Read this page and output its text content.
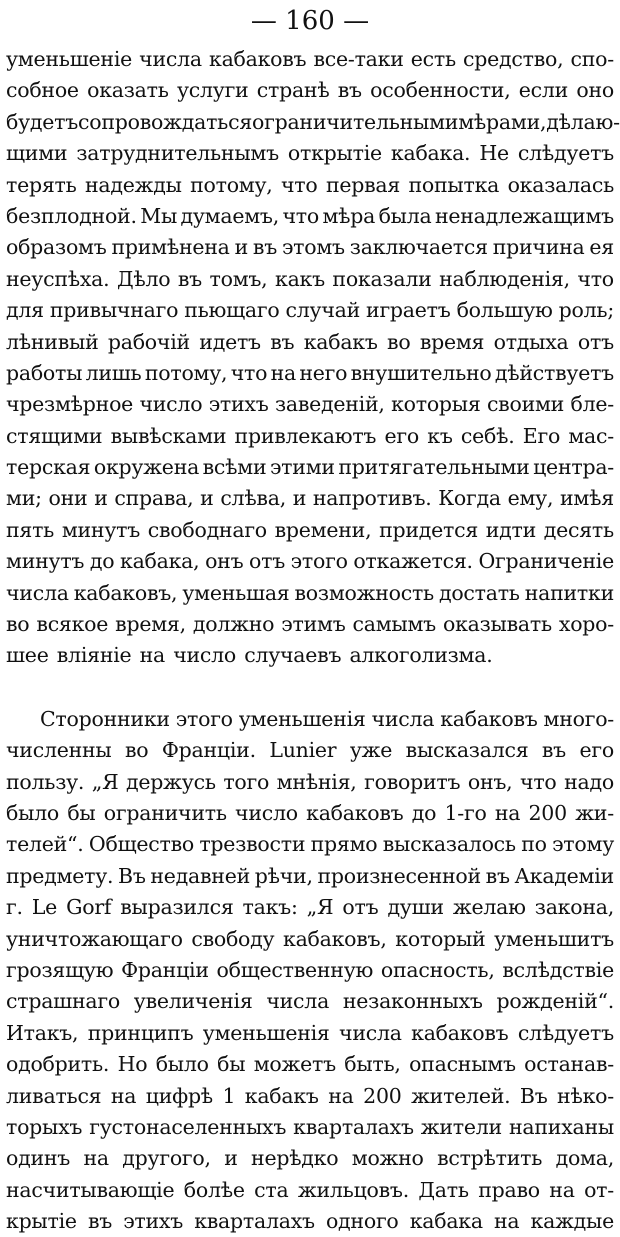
— 160 —
уменьшенiе числа кабаковъ все-таки есть средство, спо-
собное оказать услуги странѣ въ особенности, если оно
будетъ сопровождаться ограничительными мѣрами, дѣлаю-
щими затруднительнымъ открытiе кабака. Не слѣдуетъ
терять надежды потому, что первая попытка оказалась
безплодной. Мы думаемъ, что мѣра была ненадлежащимъ
образомъ примѣнена и въ этомъ заключается причина ея
неуспѣха. Дѣло въ томъ, какъ показали наблюденiя, что
для привычнаго пьющаго случай играетъ большую роль;
лѣнивый рабочiй идетъ въ кабакъ во время отдыха отъ
работы лишь потому, что на него внушительно дѣйствуетъ
чрезмѣрное число этихъ заведенiй, которыя своими бле-
стящими вывѣсками привлекаютъ его къ себѣ. Его мас-
терская окружена всѣми этими притягательными центра-
ми; они и справа, и слѣва, и напротивъ. Когда ему, имѣя
пять минутъ свободнаго времени, придется идти десять
минутъ до кабака, онъ отъ этого откажется. Ограниченiе
числа кабаковъ, уменьшая возможность достать напитки
во всякое время, должно этимъ самымъ оказывать хоро-
шее влiянiе на число случаевъ алкоголизма.
Сторонники этого уменьшенiя числа кабаковъ много-
численны во Францiи. Lunier уже высказался въ его
пользу. „Я держусь того мнѣнiя, говоритъ онъ, что надо
было бы ограничить число кабаковъ до 1-го на 200 жи-
телей“. Общество трезвости прямо высказалось по этому
предмету. Въ недавней рѣчи, произнесенной въ Академiи
г. Le Gorf выразился такъ: „Я отъ души желаю закона,
уничтожающаго свободу кабаковъ, который уменьшитъ
грозящую Францiи общественную опасность, вслѣдствiе
страшнаго увеличенiя числа незаконныхъ рожденiй“.
Итакъ, принципъ уменьшенiя числа кабаковъ слѣдуетъ
одобрить. Но было бы можетъ быть, опаснымъ останав-
ливаться на цифрѣ 1 кабакъ на 200 жителей. Въ нѣко-
торыхъ густонаселенныхъ кварталахъ жители напиханы
одинъ на другого, и нерѣдко можно встрѣтить дома,
насчитывающiе болѣе ста жильцовъ. Дать право на от-
крытiе въ этихъ кварталахъ одного кабака на каждые
